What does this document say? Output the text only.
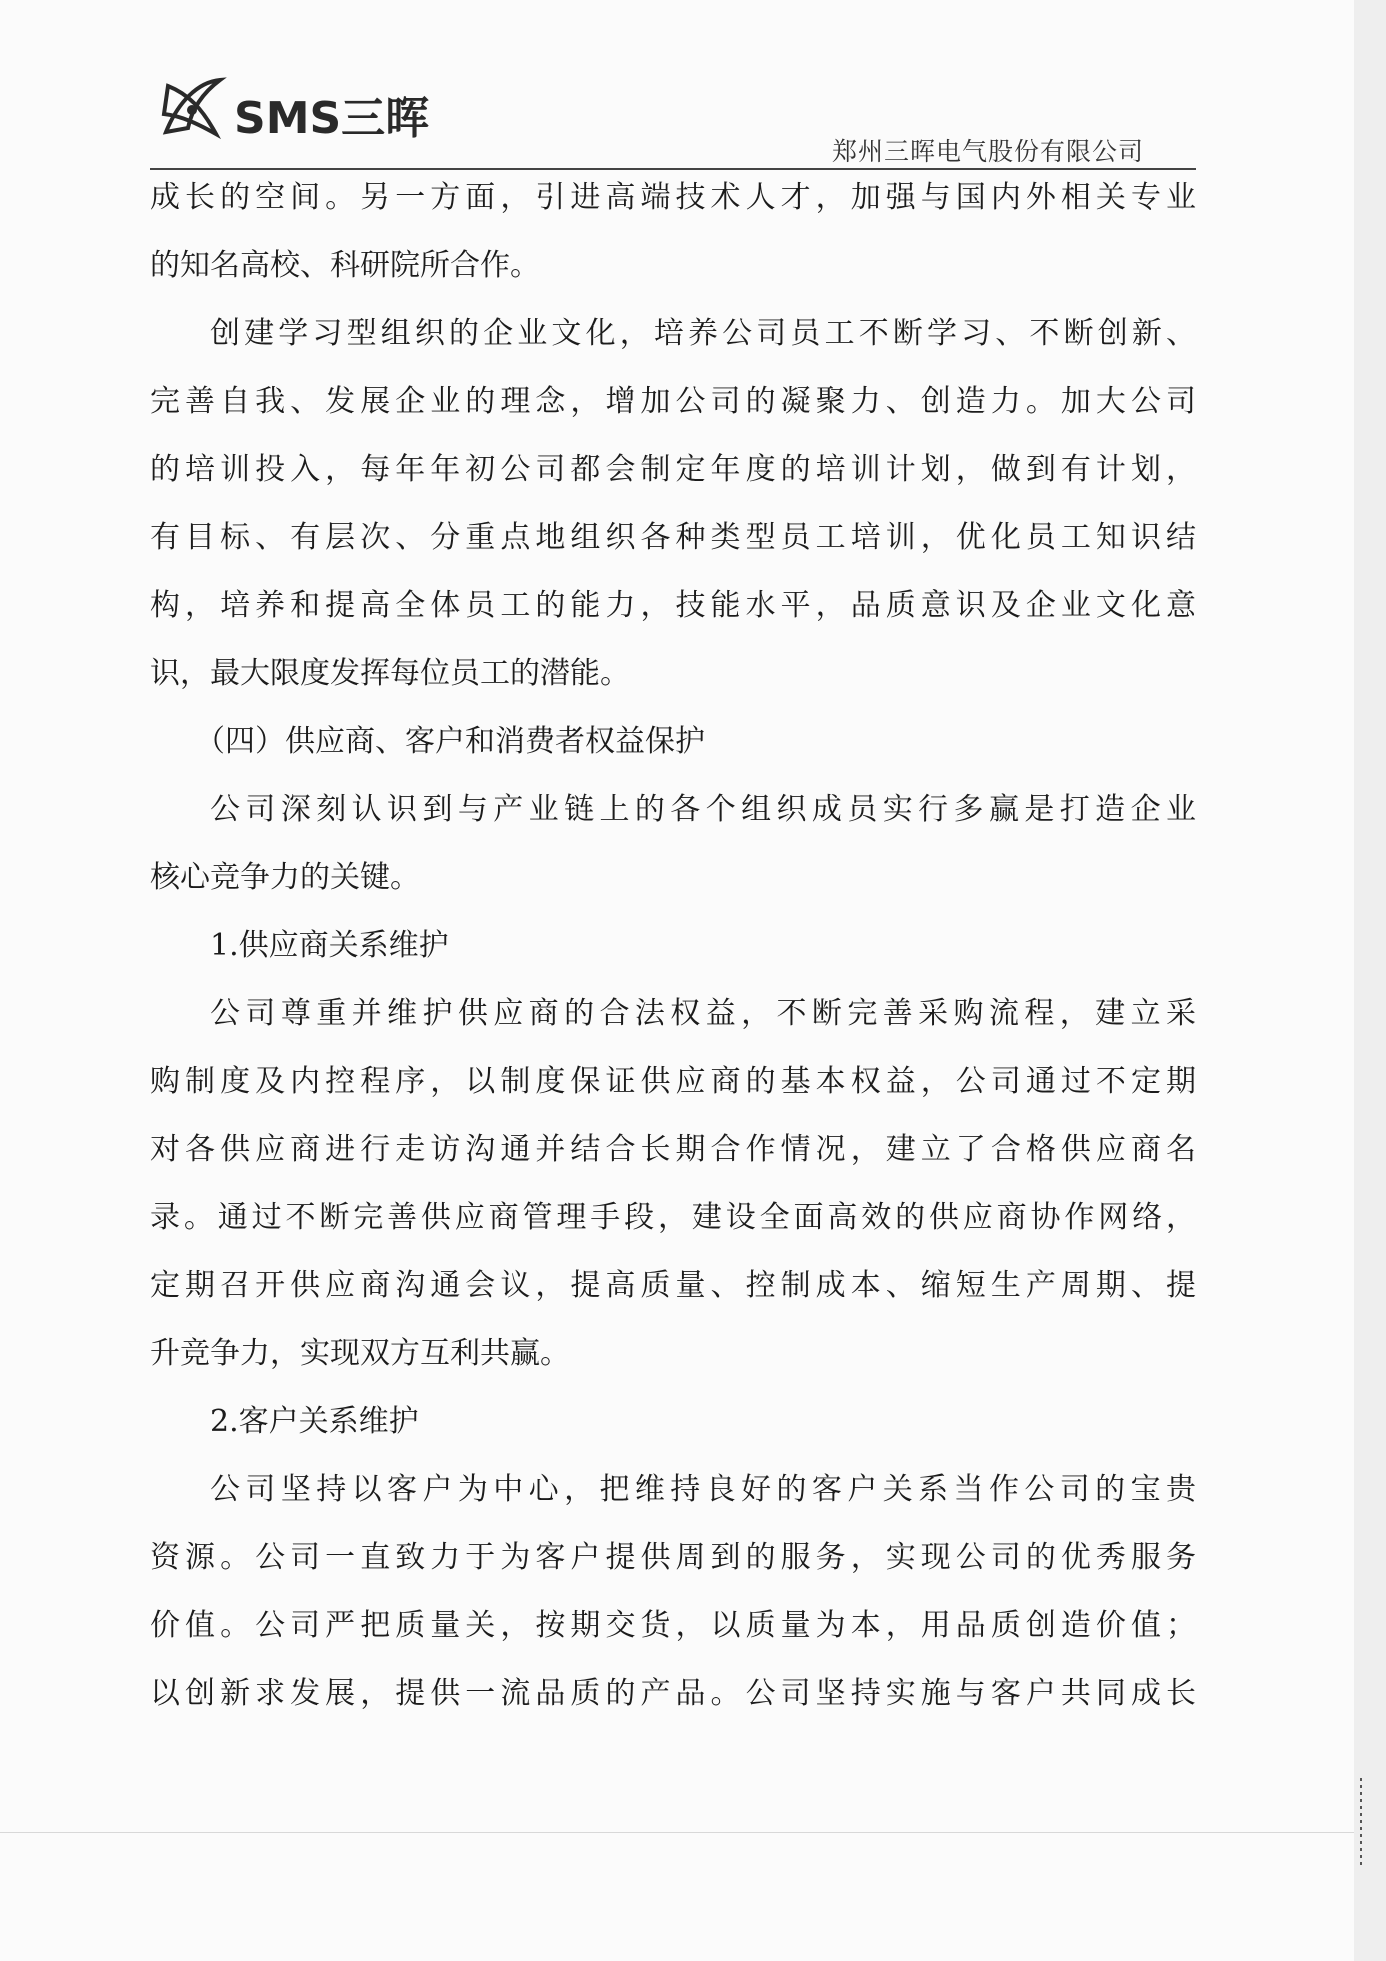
SMS三晖
郑州三晖电气股份有限公司
成长的空间。另一方面，引进高端技术人才，加强与国内外相关专业
的知名高校、科研院所合作。
创建学习型组织的企业文化，培养公司员工不断学习、不断创新、
完善自我、发展企业的理念，增加公司的凝聚力、创造力。加大公司
的培训投入，每年年初公司都会制定年度的培训计划，做到有计划，
有目标、有层次、分重点地组织各种类型员工培训，优化员工知识结
构，培养和提高全体员工的能力，技能水平，品质意识及企业文化意
识，最大限度发挥每位员工的潜能。
（四）供应商、客户和消费者权益保护
公司深刻认识到与产业链上的各个组织成员实行多赢是打造企业
核心竞争力的关键。
1.供应商关系维护
公司尊重并维护供应商的合法权益，不断完善采购流程，建立采
购制度及内控程序，以制度保证供应商的基本权益，公司通过不定期
对各供应商进行走访沟通并结合长期合作情况，建立了合格供应商名
录。通过不断完善供应商管理手段，建设全面高效的供应商协作网络，
定期召开供应商沟通会议，提高质量、控制成本、缩短生产周期、提
升竞争力，实现双方互利共赢。
2.客户关系维护
公司坚持以客户为中心，把维持良好的客户关系当作公司的宝贵
资源。公司一直致力于为客户提供周到的服务，实现公司的优秀服务
价值。公司严把质量关，按期交货，以质量为本，用品质创造价值；
以创新求发展，提供一流品质的产品。公司坚持实施与客户共同成长
